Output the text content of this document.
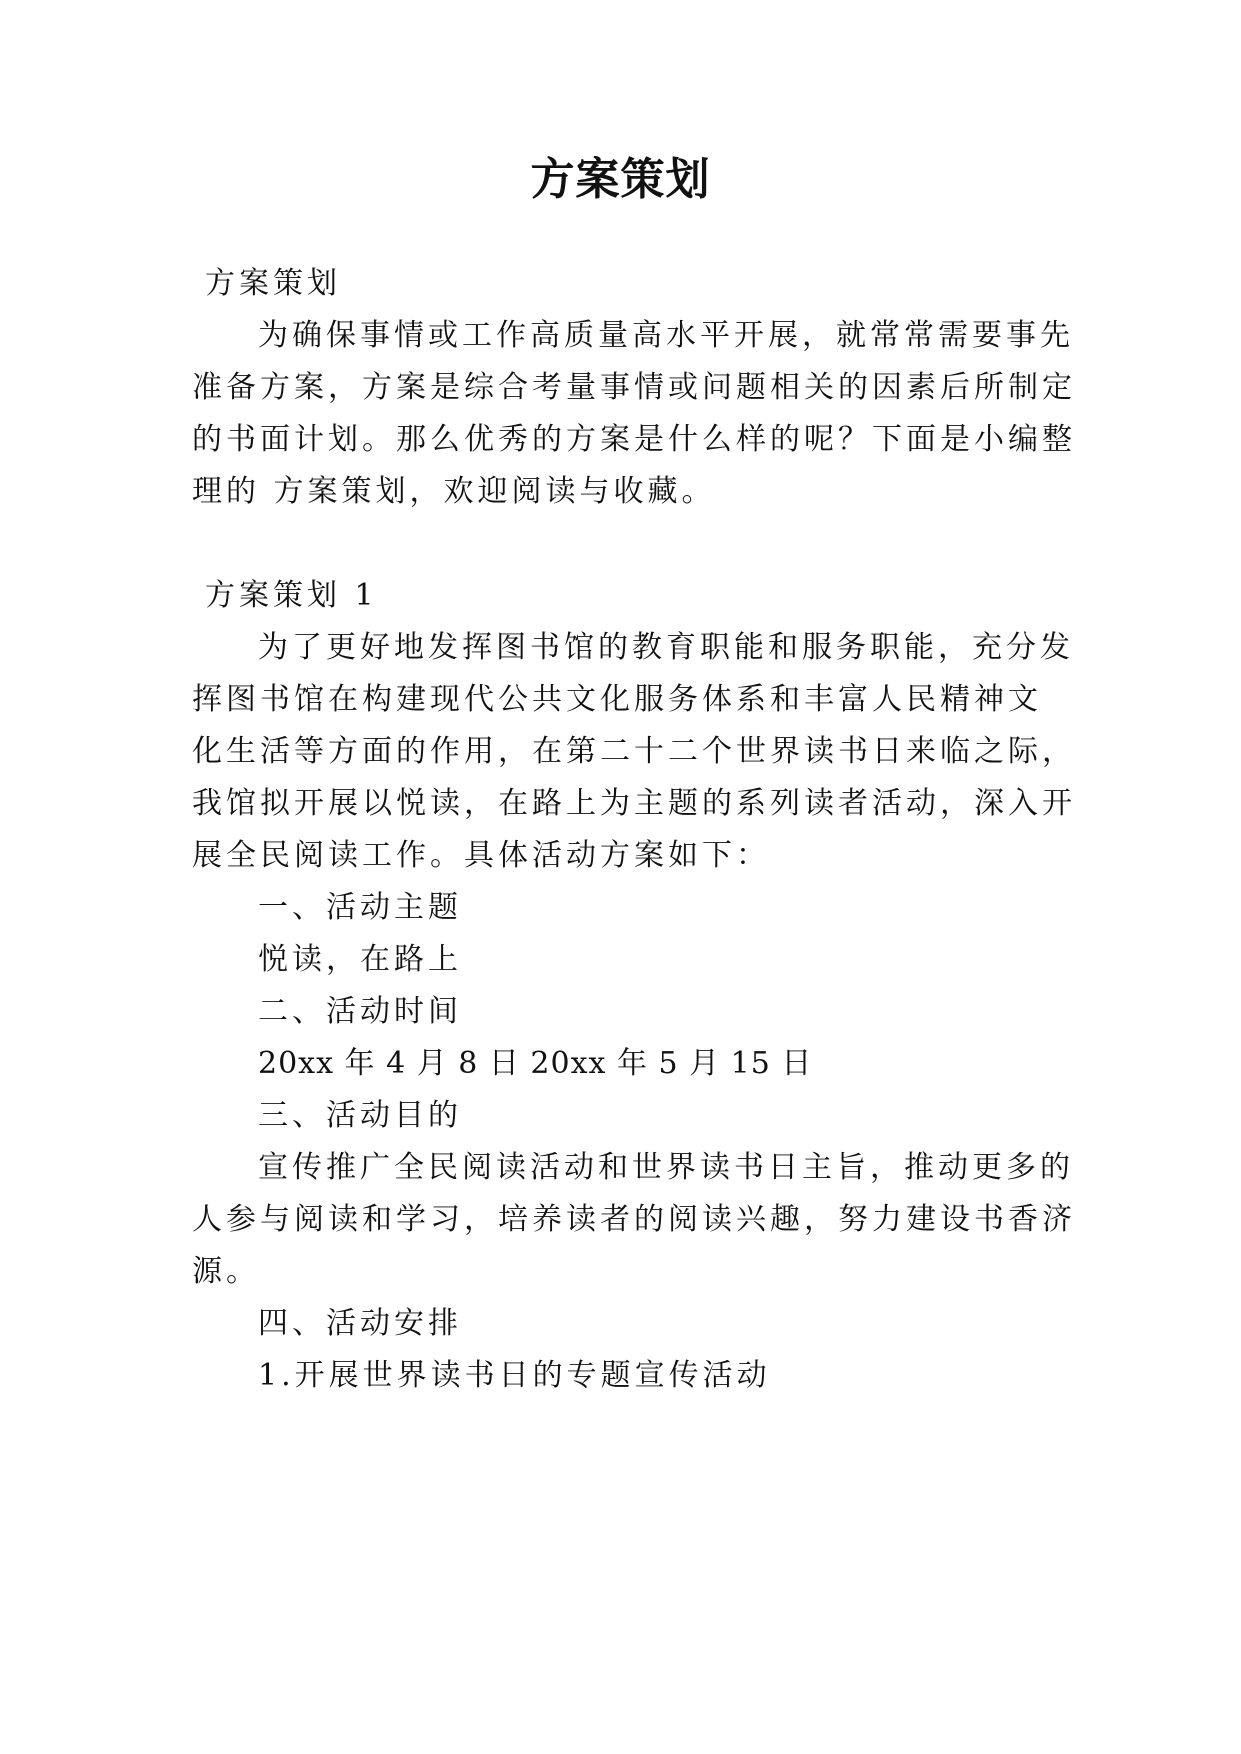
方案策划

方案策划

为确保事情或工作高质量高水平开展，就常常需要事先

准备方案，方案是综合考量事情或问题相关的因素后所制定

的书面计划。那么优秀的方案是什么样的呢？下面是小编整

理的 方案策划，欢迎阅读与收藏。

方案策划 1

为了更好地发挥图书馆的教育职能和服务职能，充分发

挥图书馆在构建现代公共文化服务体系和丰富人民精神文

化生活等方面的作用，在第二十二个世界读书日来临之际，

我馆拟开展以悦读，在路上为主题的系列读者活动，深入开

展全民阅读工作。具体活动方案如下：

一、活动主题

悦读，在路上

二、活动时间

20xx 年 4 月 8 日 20xx 年 5 月 15 日

三、活动目的

宣传推广全民阅读活动和世界读书日主旨，推动更多的

人参与阅读和学习，培养读者的阅读兴趣，努力建设书香济

源。

四、活动安排

1.开展世界读书日的专题宣传活动
